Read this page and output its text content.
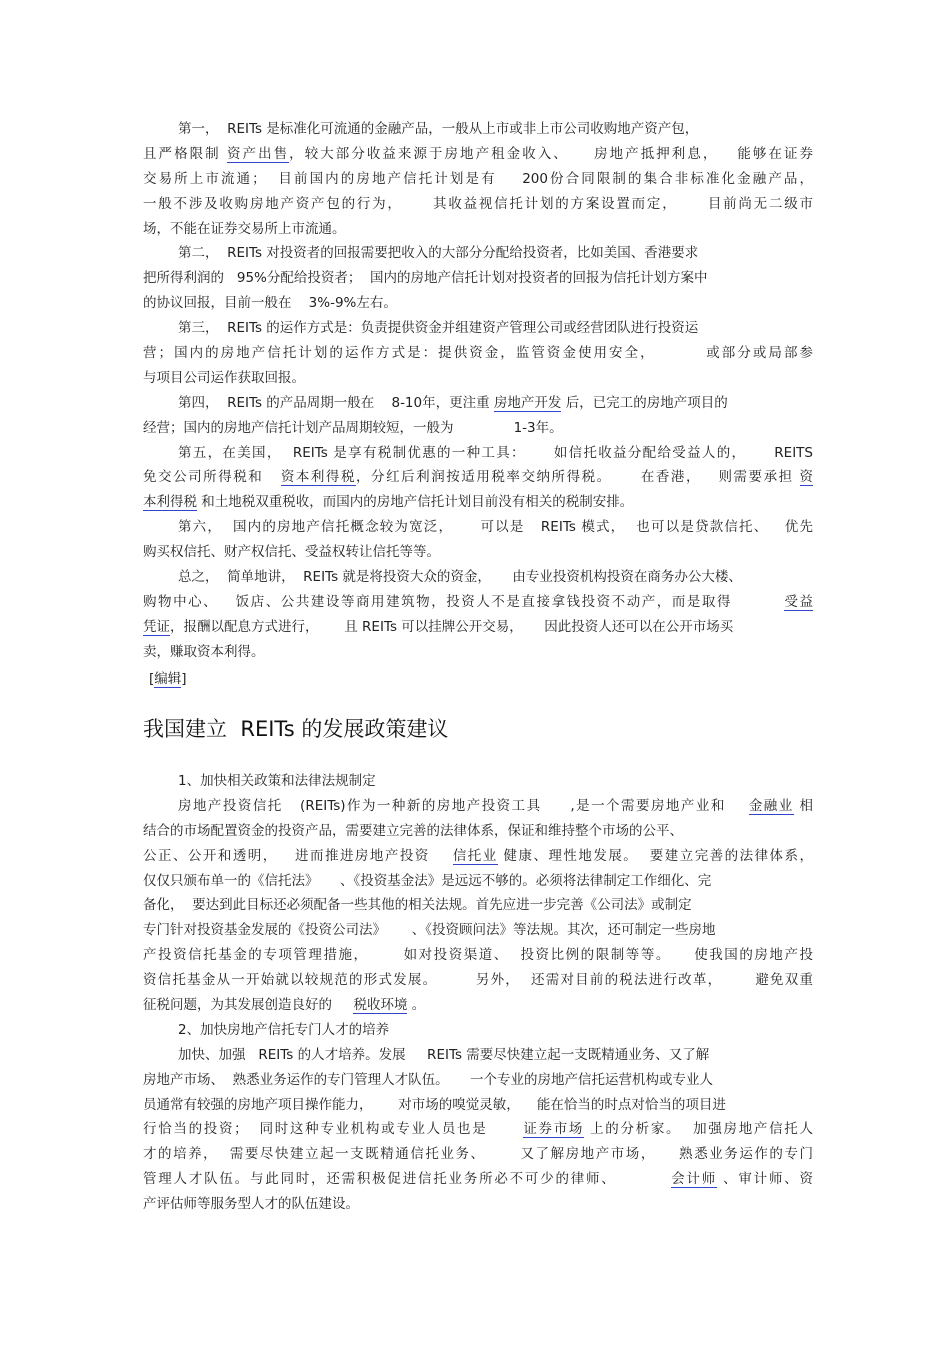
第一，  REITs 是标准化可流通的金融产品，一般从上市或非上市公司收购地产资产包，
且严格限制 资产出售，较大部分收益来源于房地产租金收入、    房地产抵押利息，   能够在证券
交易所上市流通；  目前国内的房地产信托计划是有    200份合同限制的集合非标准化金融产品，
一般不涉及收购房地产资产包的行为，     其收益视信托计划的方案设置而定，     目前尚无二级市
场，不能在证券交易所上市流通。
第二，  REITs 对投资者的回报需要把收入的大部分分配给投资者，比如美国、香港要求
把所得利润的   95%分配给投资者；  国内的房地产信托计划对投资者的回报为信托计划方案中
的协议回报，目前一般在    3%-9%左右。
第三，  REITs 的运作方式是：负责提供资金并组建资产管理公司或经营团队进行投资运
营；国内的房地产信托计划的运作方式是：提供资金，监管资金使用安全，        或部分或局部参
与项目公司运作获取回报。
第四，  REITs 的产品周期一般在    8-10年，更注重 房地产开发 后，已完工的房地产项目的
经营；国内的房地产信托计划产品周期较短，一般为              1-3年。
第五，在美国，  REITs 是享有税制优惠的一种工具：     如信托收益分配给受益人的，     REITS
免交公司所得税和   资本利得税，分红后利润按适用税率交纳所得税。     在香港，   则需要承担 资
本利得税 和土地税双重税收，而国内的房地产信托计划目前没有相关的税制安排。
第六，  国内的房地产信托概念较为宽泛，     可以是   REITs 模式，  也可以是贷款信托、   优先
购买权信托、财产权信托、受益权转让信托等等。
总之，  简单地讲，  REITs 就是将投资大众的资金，     由专业投资机构投资在商务办公大楼、
购物中心、   饭店、公共建设等商用建筑物，投资人不是直接拿钱投资不动产，而是取得         受益
凭证，报酬以配息方式进行，      且 REITs 可以挂牌公开交易，     因此投资人还可以在公开市场买
卖，赚取资本利得。
[编辑]
我国建立  REITs 的发展政策建议
1、加快相关政策和法律法规制定
房地产投资信托   (REITs)作为一种新的房地产投资工具     ,是一个需要房地产业和    金融业 相
结合的市场配置资金的投资产品，需要建立完善的法律体系，保证和维持整个市场的公平、
公正、公开和透明，   进而推进房地产投资    信托业 健康、理性地发展。  要建立完善的法律体系，
仅仅只颁布单一的《信托法》     、《投资基金法》是远远不够的。必须将法律制定工作细化、完
备化，  要达到此目标还必须配备一些其他的相关法规。首先应进一步完善《公司法》或制定
专门针对投资基金发展的《投资公司法》      、《投资顾问法》等法规。其次，还可制定一些房地
产投资信托基金的专项管理措施，      如对投资渠道、  投资比例的限制等等。    使我国的房地产投
资信托基金从一开始就以较规范的形式发展。       另外，  还需对目前的税法进行改革，      避免双重
征税问题，为其发展创造良好的     税收环境 。
2、加快房地产信托专门人才的培养
加快、加强   REITs 的人才培养。发展     REITs 需要尽快建立起一支既精通业务、又了解
房地产市场、  熟悉业务运作的专门管理人才队伍。     一个专业的房地产信托运营机构或专业人
员通常有较强的房地产项目操作能力，      对市场的嗅觉灵敏，    能在恰当的时点对恰当的项目进
行恰当的投资；  同时这种专业机构或专业人员也是      证券市场 上的分析家。  加强房地产信托人
才的培养，  需要尽快建立起一支既精通信托业务、      又了解房地产市场，    熟悉业务运作的专门
管理人才队伍。与此同时，还需积极促进信托业务所必不可少的律师、         会计师 、审计师、资
产评估师等服务型人才的队伍建设。
